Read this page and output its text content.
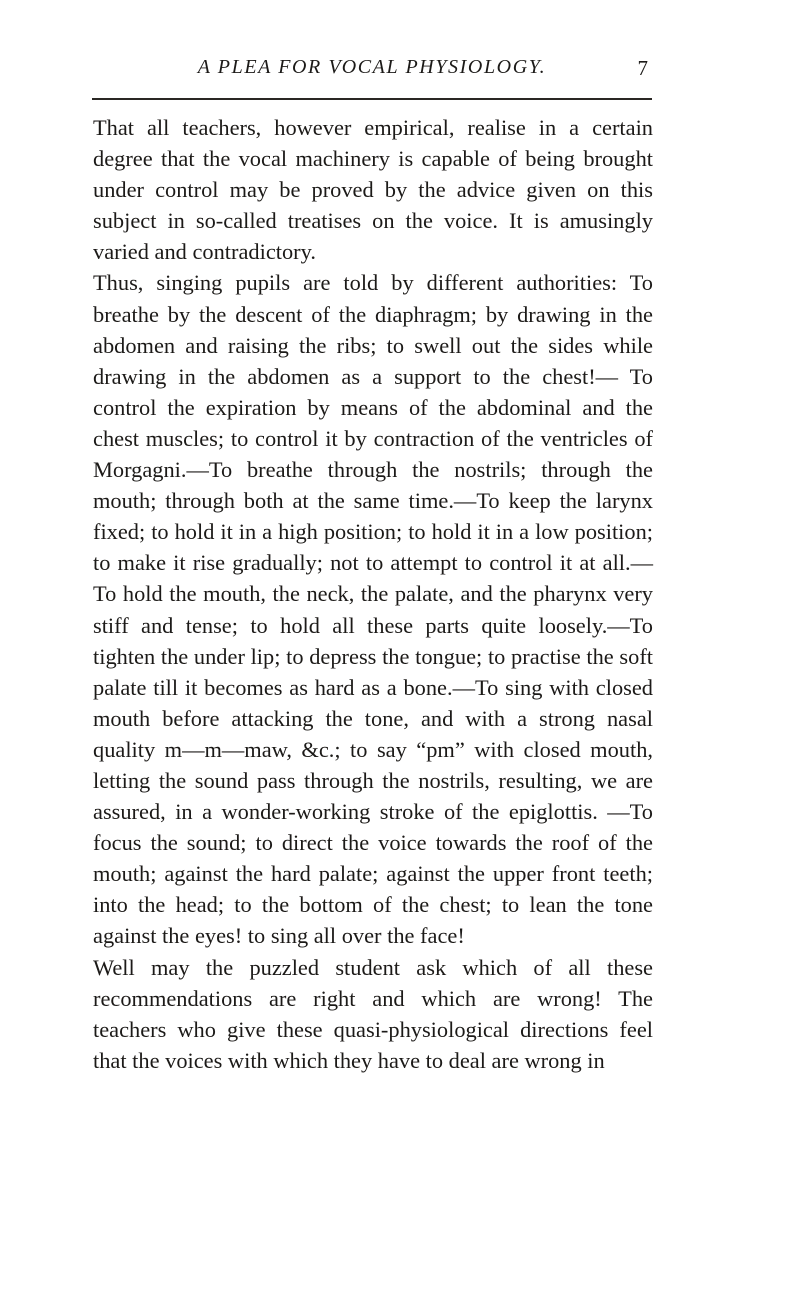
A PLEA FOR VOCAL PHYSIOLOGY.	7

That all teachers, however empirical, realise in a certain degree that the vocal machinery is capable of being brought under control may be proved by the advice given on this subject in so-called treatises on the voice. It is amusingly varied and contradictory.

Thus, singing pupils are told by different authorities: To breathe by the descent of the diaphragm; by drawing in the abdomen and raising the ribs; to swell out the sides while drawing in the abdomen as a support to the chest!— To control the expiration by means of the abdominal and the chest muscles; to control it by contraction of the ventricles of Morgagni.—To breathe through the nostrils; through the mouth; through both at the same time.—To keep the larynx fixed; to hold it in a high position; to hold it in a low position; to make it rise gradually; not to attempt to control it at all.—To hold the mouth, the neck, the palate, and the pharynx very stiff and tense; to hold all these parts quite loosely.—To tighten the under lip; to depress the tongue; to practise the soft palate till it becomes as hard as a bone.—To sing with closed mouth before attacking the tone, and with a strong nasal quality m—m—maw, &c.; to say “pm” with closed mouth, letting the sound pass through the nostrils, resulting, we are assured, in a wonder-working stroke of the epiglottis. —To focus the sound; to direct the voice towards the roof of the mouth; against the hard palate; against the upper front teeth; into the head; to the bottom of the chest; to lean the tone against the eyes! to sing all over the face!

Well may the puzzled student ask which of all these recommendations are right and which are wrong! The teachers who give these quasi-physiological directions feel that the voices with which they have to deal are wrong in
